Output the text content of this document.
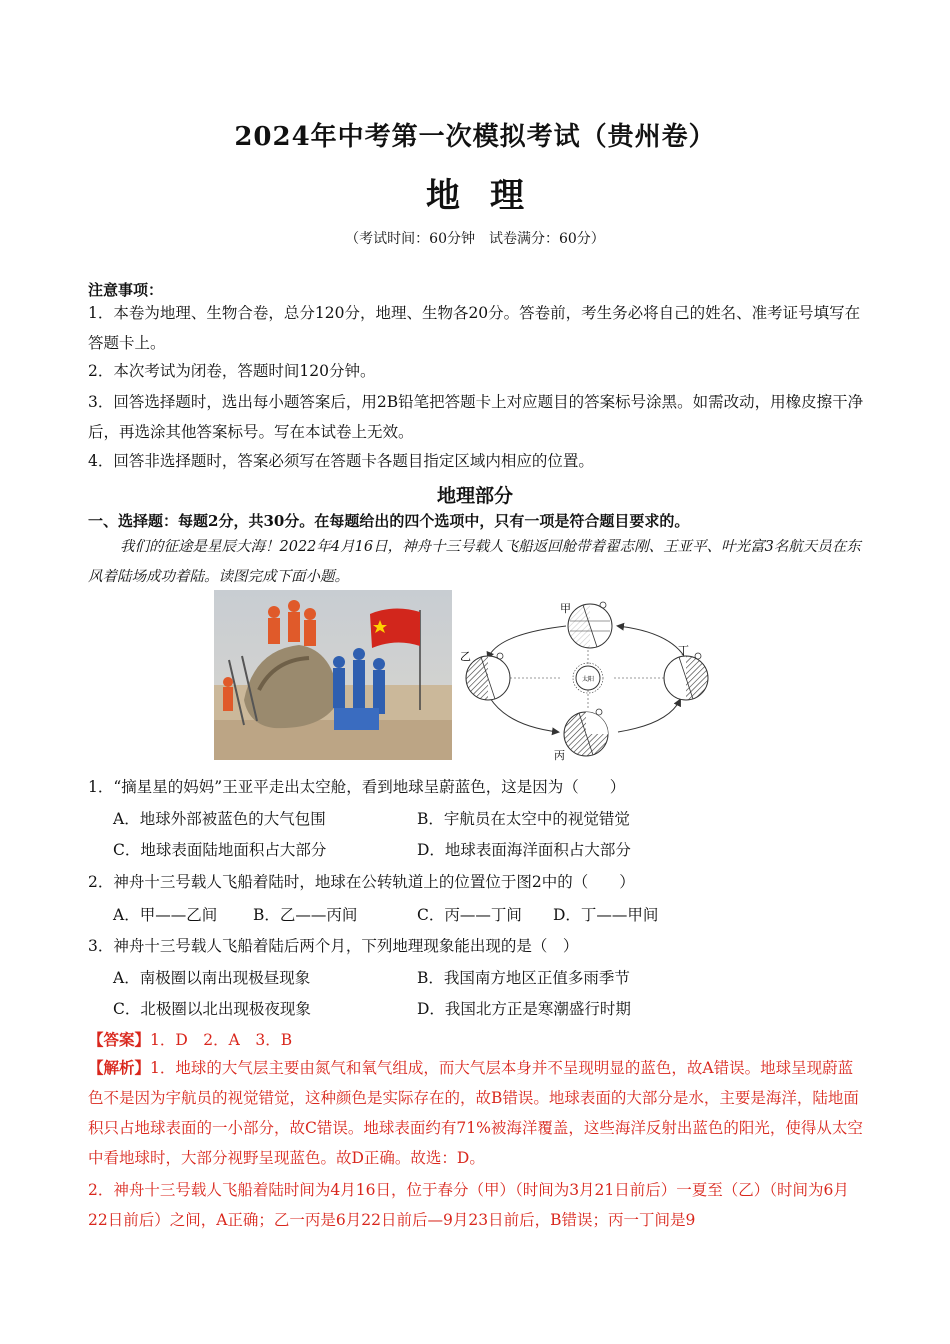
2024年中考第一次模拟考试（贵州卷）
地理
（考试时间：60分钟　试卷满分：60分）
注意事项：
1．本卷为地理、生物合卷，总分120分，地理、生物各20分。答卷前，考生务必将自己的姓名、准考证号填写在答题卡上。
2．本次考试为闭卷，答题时间120分钟。
3．回答选择题时，选出每小题答案后，用2B铅笔把答题卡上对应题目的答案标号涂黑。如需改动，用橡皮擦干净后，再选涂其他答案标号。写在本试卷上无效。
4．回答非选择题时，答案必须写在答题卡各题目指定区域内相应的位置。
地理部分
一、选择题：每题2分，共30分。在每题给出的四个选项中，只有一项是符合题目要求的。
我们的征途是星辰大海！2022年4月16日，神舟十三号载人飞船返回舱带着翟志刚、王亚平、叶光富3名航天员在东风着陆场成功着陆。读图完成下面小题。
太阳
甲
乙
丙
丁
1．“摘星星的妈妈”王亚平走出太空舱，看到地球呈蔚蓝色，这是因为（　　）
A．地球外部被蓝色的大气包围	B．宇航员在太空中的视觉错觉
C．地球表面陆地面积占大部分	D．地球表面海洋面积占大部分
2．神舟十三号载人飞船着陆时，地球在公转轨道上的位置位于图2中的（　　）
A．甲——乙间 B．乙——丙间	C．丙——丁间 D．丁——甲间
3．神舟十三号载人飞船着陆后两个月，下列地理现象能出现的是（　）
A．南极圈以南出现极昼现象	B．我国南方地区正值多雨季节
C．北极圈以北出现极夜现象	D．我国北方正是寒潮盛行时期
【答案】1．D　2．A　3．B
【解析】1．地球的大气层主要由氮气和氧气组成，而大气层本身并不呈现明显的蓝色，故A错误。地球呈现蔚蓝色不是因为宇航员的视觉错觉，这种颜色是实际存在的，故B错误。地球表面的大部分是水，主要是海洋，陆地面积只占地球表面的一小部分，故C错误。地球表面约有71%被海洋覆盖，这些海洋反射出蓝色的阳光，使得从太空中看地球时，大部分视野呈现蓝色。故D正确。故选：D。
2．神舟十三号载人飞船着陆时间为4月16日，位于春分（甲）（时间为3月21日前后）一夏至（乙）（时间为6月22日前后）之间，A正确；乙一丙是6月22日前后—9月23日前后，B错误；丙一丁间是9
